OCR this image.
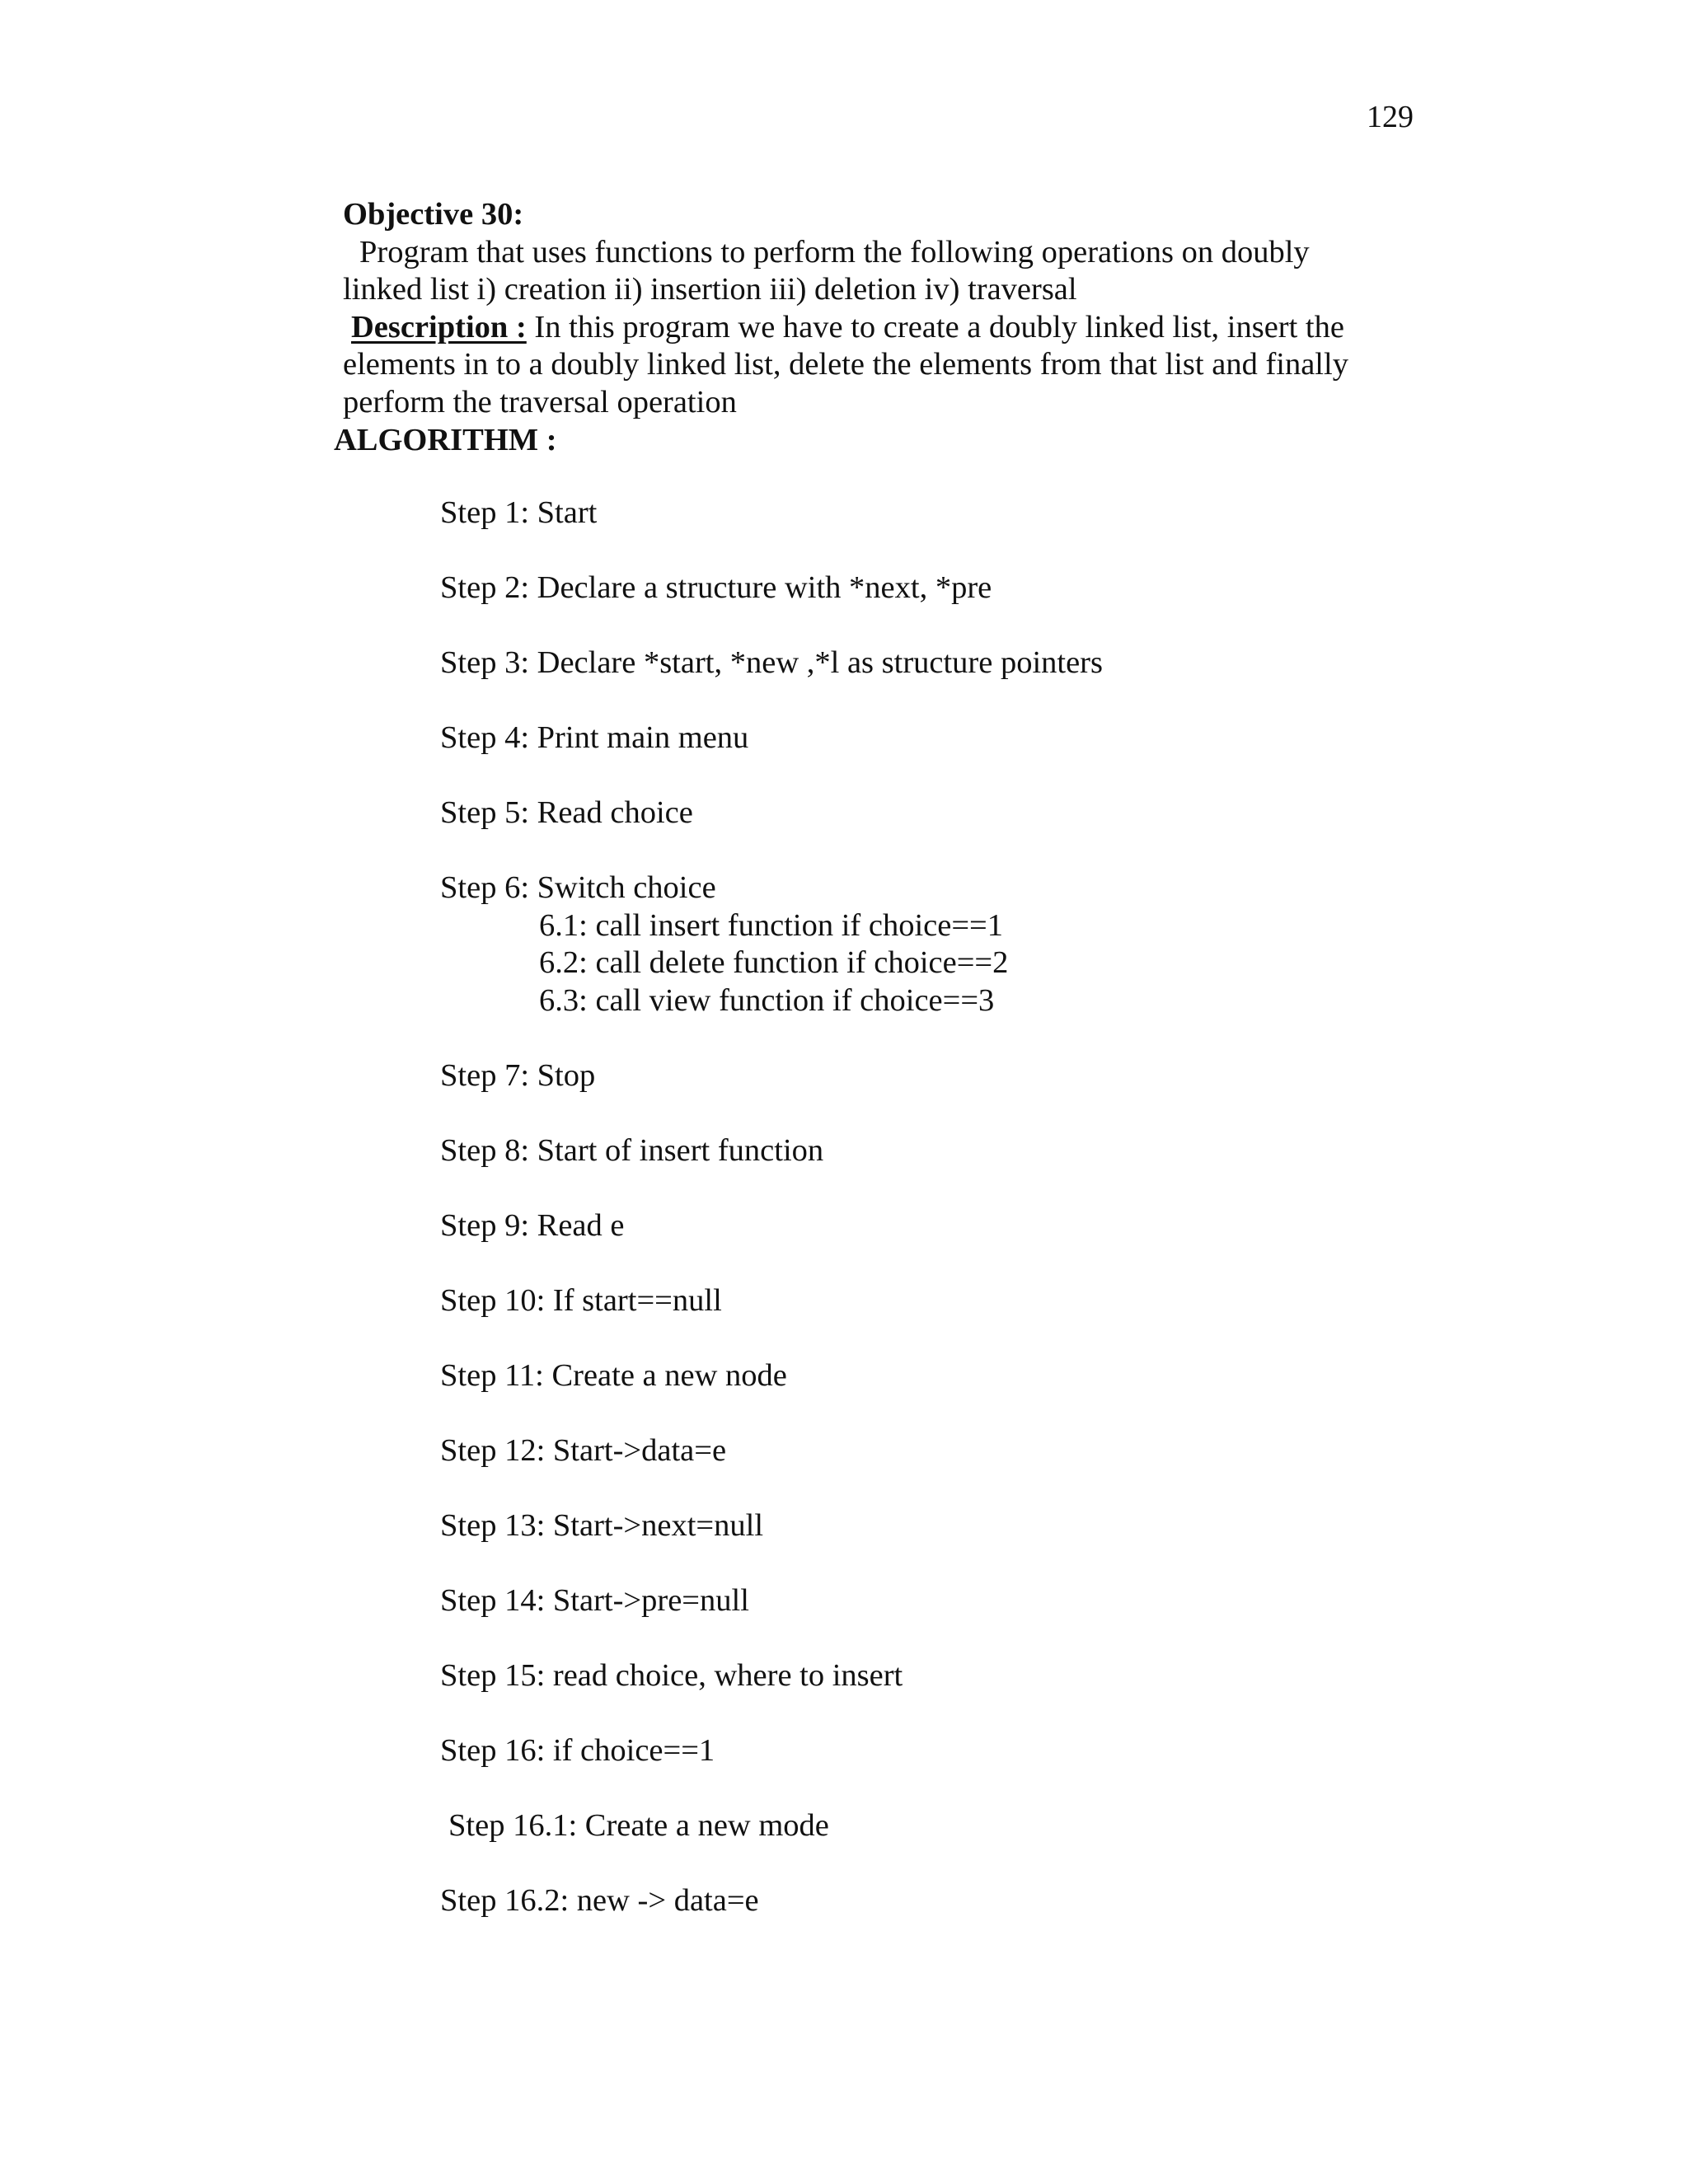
129
Objective 30:
Program that uses functions to perform the following operations on doubly
linked list i) creation ii) insertion iii) deletion iv) traversal
Description : In this program we have to create a doubly linked list, insert the
elements in to a doubly linked list, delete the elements from that list and finally
perform the traversal operation
ALGORITHM :
Step 1: Start
Step 2: Declare a structure with *next, *pre
Step 3: Declare *start, *new ,*l as structure pointers
Step 4: Print main menu
Step 5: Read choice
Step 6: Switch choice
6.1: call insert function if choice==1
6.2: call delete function if choice==2
6.3: call view function if choice==3
Step 7: Stop
Step 8: Start of insert function
Step 9: Read e
Step 10: If start==null
Step 11: Create a new node
Step 12: Start->data=e
Step 13: Start->next=null
Step 14: Start->pre=null
Step 15: read choice, where to insert
Step 16: if choice==1
Step 16.1: Create a new mode
Step 16.2: new -> data=e
